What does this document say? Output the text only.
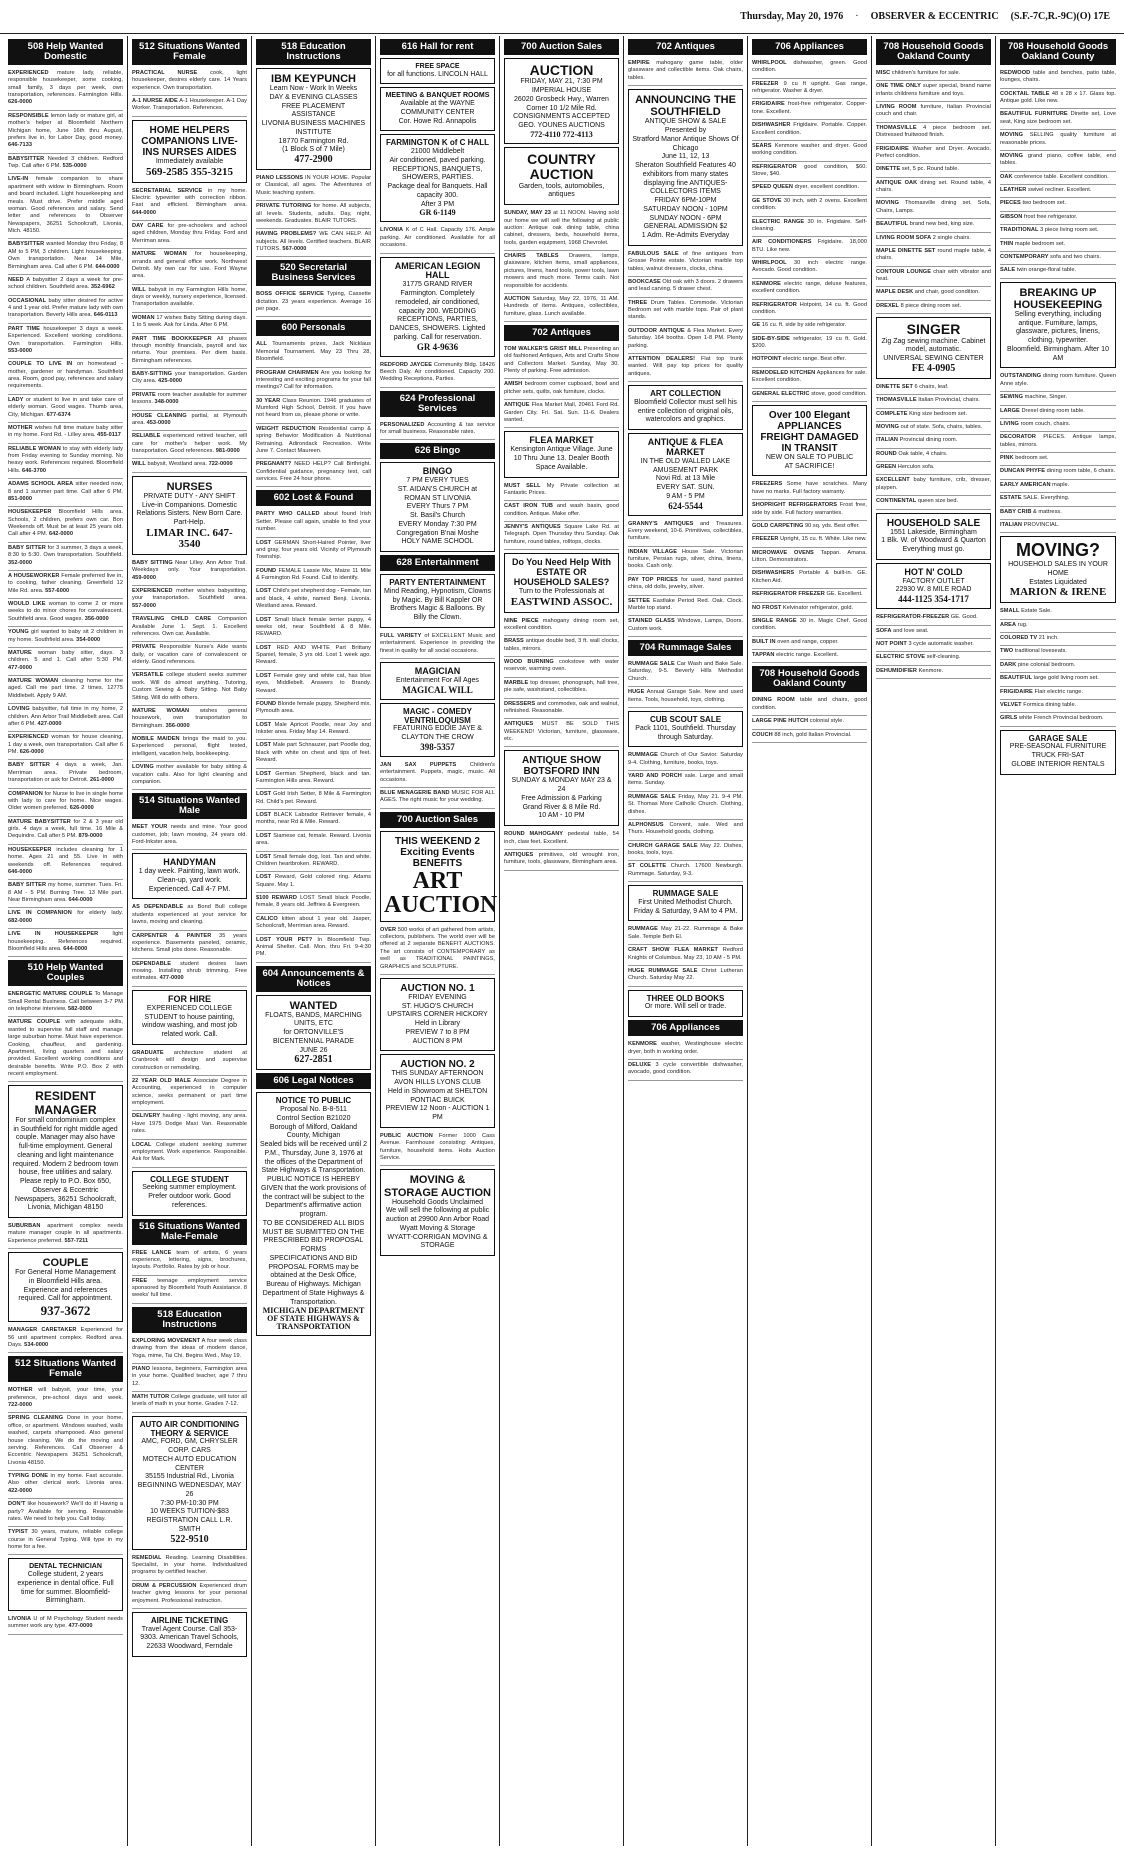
Thursday, May 20, 1976 · OBSERVER & ECCENTRIC (S.F.-7C,R.-9C)(O) 17E
508 Help Wanted Domestic
EXPERIENCED mature lady, reliable, responsible housekeeper, some cooking, small family, 3 days per week, own transportation, references. Farmington Hills. 626-0000
RESPONSIBLE lemon lady or mature girl, at mother's helper at Bloomfield Northern Michigan home, June 16th thru August, prefers live in, for Labor Day, good money. 646-7133
BABYSITTER Needed 3 children. Redford Twp. Call after 6 PM. 535-0000
LIVE-IN female companion to share apartment with widow in Birmingham. Room and board included. Light housekeeping and meals. Must drive. Prefer middle aged woman. Good references and salary. Send letter and references to Observer Newspapers, 36251 Schoolcraft, Livonia, Mich. 48150.
BABYSITTER wanted Monday thru Friday, 8 AM to 5 PM, 3 children. Light housekeeping. Own transportation. Near 14 Mile, Birmingham area. Call after 6 PM. 644-0000
NEED A babysitter 2 days a week for pre-school children. Southfield area. 352-6962
OCCASIONAL baby sitter desired for active 4 and 1 year old. Prefer mature lady with own transportation. Beverly Hills area. 646-0113
PART TIME housekeeper 3 days a week. Experienced. Excellent working conditions. Own transportation. Farmington Hills. 553-0000
COUPLE TO LIVE IN on homestead - mother, gardener or handyman. Southfield area. Room, good pay, references and salary requirements.
LADY or student to live in and take care of elderly woman. Good wages. Thumb area, City, Michigan. 677-6374
MOTHER wishes full time mature baby sitter in my home. Ford Rd. - Lilley area. 455-0117
RELIABLE WOMAN to stay with elderly lady from Friday evening to Sunday morning. No heavy work. References required. Bloomfield Hills. 646-3700
ADAMS SCHOOL AREA sitter needed now, 8 and 1 summer part time. Call after 6 PM. 851-0000
HOUSEKEEPER Bloomfield Hills area. Schools, 2 children, prefers own car. Bon Weekends off. Must be at least 25 years old. Call after 4 PM. 642-0000
BABY SITTER for 3 summer, 3 days a week, 8:30 to 5:30. Own transportation. Southfield. 352-0000
A HOUSEWORKER Female preferred live in, to cooking, father cleaning. Greenfield 12 Mile Rd. area. 557-6000
WOULD LIKE woman to come 2 or more weeks to do minor chores for convalescent. Southfield area. Good wages. 356-0000
YOUNG girl wanted to baby sit 2 children in my home. Southfield area. 354-0000
MATURE woman baby sitter, days. 3 children. 5 and 1. Call after 5:30 PM. 477-0000
MATURE WOMAN cleaning home for the aged. Call me part time. 2 times. 12775 Middlebelt. Apply 9 AM.
LOVING babysitter, full time in my home, 2 children. Ann Arbor Trail Middlebelt area. Call after 6 PM. 427-0000
EXPERIENCED woman for house cleaning, 1 day a week, own transportation. Call after 6 PM. 626-0000
BABY SITTER 4 days a week, Jan. Merriman area. Private bedroom, transportation or ask for Detroit. 261-0000
COMPANION for Nurse to live in single home with lady to care for home. Nice wages. Older women preferred. 626-0000
MATURE BABYSITTER for 2 & 3 year old girls. 4 days a week, full time. 16 Mile & Dequindre. Call after 5 PM. 879-0000
HOUSEKEEPER includes cleaning for 1 home. Ages 21 and 55. Live in with weekends off. References required. 646-0000
BABY SITTER my home, summer. Tues. Fri. 8 AM - 5 PM. Burning Tree. 13 Mile part. Near Birmingham area. 644-0000
LIVE IN COMPANION for elderly lady. 682-0000
LIVE IN HOUSEKEEPER	light housekeeping. References required. Bloomfield Hills area. 644-0000
510 Help Wanted Couples
ENERGETIC MATURE COUPLE To Manage Small Rental Business. Call between 3-7 PM on telephone interview. 582-0000
MATURE COUPLE with adequate skills, wanted to supervise full staff and manage large suburban home. Must have experience. Cooking, chauffeur, and gardening. Apartment, living quarters and salary provided. Excellent working conditions and desirable benefits. Write P.O. Box 2 with recent employment.
RESIDENT MANAGER
For small condominium complex in Southfield for right middle aged couple. Manager may also have full-time employment. General cleaning and light maintenance required. Modern 2 bedroom town house, free utilities and salary. Please reply to P.O. Box 650, Observer & Eccentric Newspapers, 36251 Schoolcraft, Livonia, Michigan 48150
SUBURBAN apartment complex needs mature manager couple in all apartments. Experience preferred. 557-7211
COUPLE
For General Home Management in Bloomfield Hills area. Experience and references required. Call for appointment.
937-3672
MANAGER CARETAKER Experienced for 56 unit apartment complex. Redford area. Days. 534-0000
512 Situations Wanted Female
MOTHER will babysit, your time, your preference, pre-school days and week. 722-0000
SPRING CLEANING Done in your home, office, or apartment. Windows washed, walls washed, carpets shampooed. Also general house cleaning. We do the moving and serving. References. Call Observer & Eccentric Newspapers 36251 Schoolcraft, Livonia 48150.
TYPING DONE in my home. Fast accurate. Also other clerical work. Livonia area. 422-0000
DON'T like housework? We'll do it! Having a party? Available for serving. Reasonable rates. We need to help you. Call today.
TYPIST 30 years, mature, reliable college course in General Typing. Will type in my home for a fee.
DENTAL TECHNICIAN
College student, 2 years experience in dental office. Full time for summer. Bloomfield-Birmingham.
LIVONIA U of M Psychology Student needs summer work any type. 477-0000
512 Situations Wanted Female
PRACTICAL NURSE cook, light housekeeper, desires elderly care. 14 Years experience. Own transportation.
A-1 NURSE AIDE A-1 Housekeeper. A-1 Day Worker. Transportation. References.
HOME HELPERS COMPANIONS LIVE-INS NURSES AIDES
Immediately available
569-2585 355-3215
SECRETARIAL SERVICE in my home. Electric typewriter with correction ribbon. Fast and efficient. Birmingham area. 644-0000
DAY CARE for pre-schoolers and school aged children, Monday thru Friday. Ford and Merriman area.
MATURE WOMAN for housekeeping, errands and general office work. Northwest Detroit. My own car for use. Ford Wayne area.
WILL babysit in my Farmington Hills home, days or weekly, nursery experience, licensed. Transportation available.
WOMAN 17 wishes Baby Sitting during days. 1 to 5 week. Ask for Linda. After 6 PM.
PART TIME BOOKKEEPER All phases through monthly financials, payroll and tax returns. Your premises. Per diem basis. Birmingham references.
BABY-SITTING your transportation. Garden City area. 425-0000
PRIVATE room teacher available for summer lessons. 348-0000
HOUSE CLEANING partial, at Plymouth area. 453-0000
RELIABLE experienced retired teacher, will care for mother's helper work. My transportation. Good references. 981-0000
WILL babysit, Westland area. 722-0000
NURSES
PRIVATE DUTY - ANY SHIFT
Live-in Companions. Domestic Relations Sisters. New Born Care. Part-Help.
LIMAR INC. 647-3540
BABY SITTING Near Lilley. Ann Arbor Trail. Weekdays only. Your transportation. 459-0000
EXPERIENCED mother wishes babysitting, your transportation. Southfield area. 557-0000
TRAVELING CHILD CARE Companion Available June 1. Sept. 1. Excellent references. Own car. Available.
PRIVATE Responsible Nurse's Aide wants daily, or vacation care of convalescent or elderly. Good references.
VERSATILE college student seeks summer work. Will do almost anything. Tutoring, Custom Sewing & Baby Sitting. Not Baby Sitting. Will do with others.
MATURE WOMAN wishes general housework, own transportation to Birmingham. 356-0000
MOBILE MAIDEN brings the maid to you. Experienced personal, flight tested, intelligent, vacation help, bookkeeping.
LOVING mother available for baby sitting & vacation calls. Also for light cleaning and companion.
514 Situations Wanted Male
MEET YOUR needs and mine. Your good customer, job; lawn mowing, 24 years old. Ford-Inkster area.
HANDYMAN
1 day week. Painting, lawn work. Clean-up, yard work. Experienced. Call 4-7 PM.
AS DEPENDABLE as Bond Bull college students experienced at your service for lawns, moving and cleaning.
CARPENTER & PAINTER 35 years experience. Basements paneled, ceramic, kitchens. Small jobs done. Reasonable.
DEPENDABLE student desires lawn mowing. Installing shrub trimming. Free estimates. 477-0000
FOR HIRE
EXPERIENCED COLLEGE STUDENT to house painting, window washing, and most job related work. Call.
GRADUATE architecture student at Cranbrook will design and supervise construction or remodeling.
22 YEAR OLD MALE Associate Degree in Accounting, experienced in computer science, seeks permanent or part time employment.
DELIVERY hauling - light moving, any area. Have 1975 Dodge Maxi Van. Reasonable rates.
LOCAL College student seeking summer employment. Work experience. Responsible. Ask for Mark.
COLLEGE STUDENT
Seeking summer employment. Prefer outdoor work. Good references.
516 Situations Wanted Male-Female
FREE LANCE team of artists, 6 years experience, lettering, signs, brochures, layouts. Portfolio. Rates by job or hour.
FREE teenage employment service sponsored by Bloomfield Youth Assistance. 8 weeks' full time.
518 Education Instructions
EXPLORING MOVEMENT A four week class drawing from the ideas of modern dance, Yoga, mime, Tai Chi. Begins Wed., May 19.
PIANO lessons, beginners, Farmington area in your home. Qualified teacher, age 7 thru 12.
MATH TUTOR College graduate, will tutor all levels of math in your home. Grades 7-12.
AUTO AIR CONDITIONING THEORY & SERVICE
AMC, FORD, GM, CHRYSLER CORP. CARS
MOTECH AUTO EDUCATION CENTER
35155 Industrial Rd., Livonia
BEGINNING WEDNESDAY, MAY 26
7:30 PM-10:30 PM
10 WEEKS TUITION-$83
REGISTRATION CALL L.R. SMITH
522-9510
REMEDIAL Reading. Learning Disabilities. Specialist, in your home. Individualized programs by certified teacher.
DRUM & PERCUSSION Experienced drum teacher giving lessons for your personal enjoyment. Professional instruction.
AIRLINE TICKETING
Travel Agent Course. Call 353-9303. American Travel Schools, 22633 Woodward, Ferndale
518 Education Instructions
IBM KEYPUNCH
Learn Now - Work In Weeks
DAY & EVENING CLASSES
FREE PLACEMENT ASSISTANCE
LIVONIA BUSINESS MACHINES INSTITUTE
18770 Farmington Rd.
(1 Block S of 7 Mile)
477-2900
PIANO LESSONS IN YOUR HOME. Popular or Classical, all ages. The Adventures of Music teaching system.
PRIVATE TUTORING for home. All subjects, all levels. Students, adults. Day, night, weekends. Graduates. BLAIR TUTORS.
HAVING PROBLEMS? WE CAN HELP. All subjects. All levels. Certified teachers. BLAIR TUTORS. 567-0000
520 Secretarial Business Services
BOSS OFFICE SERVICE Typing, Cassette dictation. 23 years experience. Average 16 per page.
600 Personals
ALL Tournaments prizes, Jack Nicklaus Memorial Tournament. May 23 Thru 28, Bloomfield.
PROGRAM CHAIRMEN Are you looking for interesting and exciting programs for your fall meetings? Call for information.
30 YEAR Class Reunion. 1946 graduates of Mumford High School, Detroit. If you have not heard from us, please phone or write.
WEIGHT REDUCTION Residential camp & spring Behavior Modification & Nutritional Retraining. Adirondack Recreation. Write June 7. Contact Maureen.
PREGNANT? NEED HELP? Call Birthright. Confidential guidance, pregnancy test, call services. Free 24 hour phone.
602 Lost & Found
PARTY WHO CALLED about found Irish Setter. Please call again, unable to find your number.
LOST GERMAN Short-Haired Pointer, liver and gray, four years old. Vicinity of Plymouth Township.
FOUND FEMALE Lassie Mix, Maize 11 Mile & Farmington Rd. Found. Call to identify.
LOST Child's pet shepherd dog - Female, tan and black, 4 white, named Benji. Livonia. Westland area. Reward.
LOST Small black female terrier puppy, 4 weeks old, near Southfield & 8 Mile. REWARD.
LOST RED AND WHITE Part Brittany Spaniel, female, 3 yrs old. Lost 1 week ago. Reward.
LOST Female grey and white cat, has blue eyes, Middlebelt. Answers to Brandy. Reward.
FOUND Blonde female puppy, Shepherd mix. Plymouth area.
LOST Male Apricot Poodle, near Joy and Inkster area. Friday May 14. Reward.
LOST Male part Schnauzer, part Poodle dog, black with white on chest and tips of feet. Reward.
LOST German Shepherd, black and tan. Farmington Hills area. Reward.
LOST Gold Irish Setter, 8 Mile & Farmington Rd. Child's pet. Reward.
LOST BLACK Labrador Retriever female, 4 months, near Rd & Mile. Reward.
LOST Siamese cat, female. Reward. Livonia area.
LOST Small female dog, lost. Tan and white. Children heartbroken. REWARD.
LOST Reward, Gold colored ring. Adams Square. May 1.
$100 REWARD LOST Small black Poodle, female, 8 years old. Jeffries & Evergreen.
CALICO kitten about 1 year old. Jasper, Schoolcraft, Merriman area. Reward.
LOST YOUR PET? In Bloomfield Twp. Animal Shelter. Call. Mon. thru Fri. 9-4:30 PM.
604 Announcements & Notices
WANTED
FLOATS, BANDS, MARCHING UNITS, ETC
for ORTONVILLE'S BICENTENNIAL PARADE
JUNE 26
627-2851
606 Legal Notices
NOTICE TO PUBLIC
Proposal No. B-8-511
Control Section B21020
Borough of Milford, Oakland County, Michigan
Sealed bids will be received until 2 P.M., Thursday, June 3, 1976 at the offices of the Department of State Highways & Transportation. PUBLIC NOTICE IS HEREBY GIVEN that the work provisions of the contract will be subject to the Department's affirmative action program.
TO BE CONSIDERED ALL BIDS MUST BE SUBMITTED ON THE PRESCRIBED BID PROPOSAL FORMS
SPECIFICATIONS AND BID PROPOSAL FORMS may be obtained at the Desk Office, Bureau of Highways. Michigan Department of State Highways & Transportation.
MICHIGAN DEPARTMENT OF STATE HIGHWAYS & TRANSPORTATION
616 Hall for rent
FREE SPACE
for all functions. LINCOLN HALL
MEETING & BANQUET ROOMS
Available at the WAYNE COMMUNITY CENTER
Cor. Howe Rd. Annapolis
FARMINGTON K of C HALL
21000 Middlebelt
Air conditioned, paved parking. RECEPTIONS, BANQUETS, SHOWERS, PARTIES.
Package deal for Banquets. Hall capacity 300.
After 3 PM
GR 6-1149
LIVONIA K of C Hall. Capacity 176. Ample parking. Air conditioned. Available for all occasions.
AMERICAN LEGION HALL
31775 GRAND RIVER
Farmington. Completely remodeled, air conditioned, capacity 200. WEDDING RECEPTIONS, PARTIES, DANCES, SHOWERS. Lighted parking. Call for reservation.
GR 4-9636
REDFORD JAYCEE Community Bldg. 18426 Beech Daly. Air conditioned. Capacity 200. Wedding Receptions, Parties.
624 Professional Services
PERSONALIZED Accounting & tax service for small business. Reasonable rates.
626 Bingo
BINGO
7 PM EVERY TUES
ST. AIDAN'S CHURCH at ROMAN ST LIVONIA
EVERY Thurs 7 PM
St. Basil's Church
EVERY Monday 7:30 PM
Congregation B'nai Moshe
HOLY NAME SCHOOL
628 Entertainment
PARTY ENTERTAINMENT
Mind Reading, Hypnotism, Clowns by Magic. By Bill Kappler OR Brothers Magic & Balloons. By Billy the Clown.
FULL VARIETY of EXCELLENT Music and entertainment. Experience in providing the finest in quality for all social occasions.
MAGICIAN
Entertainment For All Ages
MAGICAL WILL
MAGIC - COMEDY VENTRILOQUISM
FEATURING EDDIE JAYE & CLAYTON THE CROW
398-5357
JAN SAX PUPPETS Children's entertainment. Puppets, magic, music. All occasions.
BLUE MENAGERIE BAND MUSIC FOR ALL AGES. The right music for your wedding.
700 Auction Sales
THIS WEEKEND 2 Exciting Events BENEFITS
ART AUCTION
OVER 500 works of art gathered from artists, collectors, publishers. The world over will be offered at 2 separate BENEFIT AUCTIONS. The art consists of CONTEMPORARY as well as TRADITIONAL PAINTINGS, GRAPHICS and SCULPTURE.
AUCTION NO. 1
FRIDAY EVENING
ST. HUGO'S CHURCH
UPSTAIRS CORNER HICKORY
Held in Library
PREVIEW 7 to 8 PM
AUCTION 8 PM
AUCTION NO. 2
THIS SUNDAY AFTERNOON
AVON HILLS LYONS CLUB
Held in Showroom at SHELTON PONTIAC BUICK
PREVIEW 12 Noon - AUCTION 1 PM
PUBLIC AUCTION Former 1000 Cass Avenue. Farmhouse consisting: Antiques, furniture, household items. Holts Auction Service.
MOVING & STORAGE AUCTION
Household Goods Unclaimed
We will sell the following at public auction at 29900 Ann Arbor Road
Wyatt Moving & Storage
WYATT-CORRIGAN MOVING & STORAGE
700 Auction Sales
AUCTION
FRIDAY, MAY 21, 7:30 PM
IMPERIAL HOUSE
26020 Grosbeck Hwy., Warren
Corner 10 1/2 Mile Rd.
CONSIGNMENTS ACCEPTED
GEO. YOUNES AUCTIONS
772-4110 772-4113
COUNTRY AUCTION
Garden, tools, automobiles, antiques
SUNDAY, MAY 23 at 11 NOON. Having sold our home we will sell the following at public auction: Antique oak dining table, china cabinet, dressers, beds, household items, tools, garden equipment, 1968 Chevrolet.
CHAIRS TABLES Drawers, lamps, glassware, kitchen items, small appliances, pictures, linens, hand tools, power tools, lawn mowers and much more. Terms cash. Not responsible for accidents.
AUCTION Saturday, May 22, 1976, 11 AM. Hundreds of items. Antiques, collectibles, furniture, glass. Lunch available.
702 Antiques
TOM WALKER'S GRIST MILL Presenting an old fashioned Antiques, Arts and Crafts Show and Collectors Market. Sunday, May 30. Plenty of parking. Free admission.
AMISH bedroom corner cupboard, bowl and pitcher sets, quilts, oak furniture, clocks.
ANTIQUE Flea Market Mall, 20461 Ford Rd. Garden City. Fri. Sat. Sun. 11-6. Dealers wanted.
FLEA MARKET
Kensington Antique Village. June 10 Thru June 13. Dealer Booth Space Available.
MUST SELL My Private collection at Fantastic Prices.
CAST IRON TUB and wash basin, good condition. Antique. Make offer.
JENNY'S ANTIQUES Square Lake Rd. at Telegraph. Open Thursday thru Sunday. Oak furniture, round tables, rolltops, clocks.
Do You Need Help With ESTATE OR HOUSEHOLD SALES?
Turn to the Professionals at
EASTWIND ASSOC.
NINE PIECE mahogany dining room set, excellent condition.
BRASS antique double bed, 3 ft. wall clocks, tables, mirrors.
WOOD BURNING cookstove with water reservoir, warming oven.
MARBLE top dresser, phonograph, hall tree, pie safe, washstand, collectibles.
DRESSERS and commodes, oak and walnut, refinished. Reasonable.
ANTIQUES MUST BE SOLD THIS WEEKEND! Victorian, furniture, glassware, etc.
ANTIQUE SHOW BOTSFORD INN
SUNDAY & MONDAY MAY 23 & 24
Free Admission & Parking
Grand River & 8 Mile Rd.
10 AM - 10 PM
ROUND MAHOGANY pedestal table, 54 inch, claw feet. Excellent.
ANTIQUES primitives, old wrought iron, furniture, tools, glassware, Birmingham area.
702 Antiques
EMPIRE mahogany game table, older glassware and collectible items. Oak chairs, tables.
ANNOUNCING THE SOUTHFIELD
ANTIQUE SHOW & SALE
Presented by
Stratford Manor Antique Shows Of Chicago
June 11, 12, 13
Sheraton Southfield Features 40 exhibitors from many states displaying fine ANTIQUES-COLLECTORS ITEMS
FRIDAY 6PM-10PM
SATURDAY NOON - 10PM
SUNDAY NOON - 6PM
GENERAL ADMISSION $2
1 Adm. Re-Admits Everyday
FABULOUS SALE of fine antiques from Grosse Pointe estate. Victorian marble top tables, walnut dressers, clocks, china.
BOOKCASE Old oak with 3 doors. 2 drawers and lead carving. 5 drawer chest.
THREE Drum Tables. Commode. Victorian Bedroom set with marble tops. Pair of plant stands.
OUTDOOR ANTIQUE & Flea Market. Every Saturday. 164 booths. Open 1-8 PM. Plenty parking.
ATTENTION DEALERS! Flat top trunk wanted. Will pay top prices for quality antiques.
ART COLLECTION
Bloomfield Collector must sell his entire collection of original oils, watercolors and graphics.
ANTIQUE & FLEA MARKET
IN THE OLD WALLED LAKE AMUSEMENT PARK
Novi Rd. at 13 Mile
EVERY SAT. SUN.
9 AM - 5 PM
624-5544
GRANNY'S ANTIQUES and Treasures. Every weekend, 10-6. Primitives, collectibles, furniture.
INDIAN VILLAGE House Sale. Victorian furniture, Persian rugs, silver, china, linens, books. Cash only.
PAY TOP PRICES for used, hand painted china, old dolls, jewelry, silver.
SETTEE Eastlake Period Red. Oak. Clock. Marble top stand.
STAINED GLASS Windows, Lamps, Doors. Custom work.
704 Rummage Sales
RUMMAGE SALE Car Wash and Bake Sale. Saturday, 9-5. Beverly Hills Methodist Church.
HUGE Annual Garage Sale. New and used items. Tools, household, toys, clothing.
CUB SCOUT SALE
Pack 1101, Southfield. Thursday through Saturday.
RUMMAGE Church of Our Savior. Saturday 9-4. Clothing, furniture, books, toys.
YARD AND PORCH sale. Large and small items. Sunday.
RUMMAGE SALE Friday, May 21. 9-4 PM. St. Thomas More Catholic Church. Clothing, dishes.
ALPHONSUS Convent, sale. Wed and Thurs. Household goods, clothing.
CHURCH GARAGE SALE May 22. Dishes, books, tools, toys.
ST COLETTE Church. 17600 Newburgh. Rummage. Saturday, 9-3.
RUMMAGE SALE
First United Methodist Church. Friday & Saturday, 9 AM to 4 PM.
RUMMAGE May 21-22. Rummage & Bake Sale. Temple Beth El.
CRAFT SHOW FLEA MARKET Redford Knights of Columbus. May 23, 10 AM - 5 PM.
HUGE RUMMAGE SALE Christ Lutheran Church. Saturday May 22.
THREE OLD BOOKS
Or more. Will sell or trade.
706 Appliances
KENMORE washer, Westinghouse electric dryer, both in working order.
DELUXE 3 cycle convertible dishwasher, avocado, good condition.
706 Appliances
WHIRLPOOL dishwasher, green. Good condition.
FREEZER 9 cu ft upright. Gas range, refrigerator. Washer & dryer.
FRIGIDAIRE frost-free refrigerator. Copper-tone. Excellent.
DISHWASHER Frigidaire. Portable. Copper. Excellent condition.
SEARS Kenmore washer and dryer. Good working condition.
REFRIGERATOR good condition, $60. Stove, $40.
SPEED QUEEN dryer, excellent condition.
GE STOVE 30 inch, with 2 ovens. Excellent condition.
ELECTRIC RANGE 30 in. Frigidaire. Self-cleaning.
AIR CONDITIONERS Frigidaire. 18,000 BTU. Like new.
WHIRLPOOL 30 inch electric range. Avocado. Good condition.
KENMORE electric range, deluxe features, excellent condition.
REFRIGERATOR Hotpoint, 14 cu. ft. Good condition.
GE 16 cu. ft. side by side refrigerator.
SIDE-BY-SIDE refrigerator, 19 cu ft. Gold. $200.
HOTPOINT electric range. Best offer.
REMODELED KITCHEN Appliances for sale. Excellent condition.
GENERAL ELECTRIC stove, good condition.
Over 100 Elegant APPLIANCES FREIGHT DAMAGED IN TRANSIT
NEW ON SALE TO PUBLIC
AT SACRIFICE!
FREEZERS Some have scratches. Many have no marks. Full factory warranty.
SHOPRIGHT REFRIGERATORS Frost free, side by side. Full factory warranties.
GOLD CARPETING 90 sq. yds. Best offer.
FREEZER Upright, 15 cu. ft. White. Like new.
MICROWAVE OVENS Tappan. Amana. Litton. Demonstrators.
DISHWASHERS Portable & built-in. GE. Kitchen Aid.
REFRIGERATOR FREEZER GE. Excellent.
NO FROST Kelvinator refrigerator, gold.
SINGLE RANGE 30 in. Magic Chef. Good condition.
BUILT IN oven and range, copper.
TAPPAN electric range. Excellent.
708 Household Goods Oakland County
DINING ROOM table and chairs, good condition.
LARGE PINE HUTCH colonial style.
COUCH 88 inch, gold Italian Provincial.
708 Household Goods Oakland County
MISC children's furniture for sale.
ONE TIME ONLY super special, brand name infants childrens furniture and toys.
LIVING ROOM furniture, Italian Provincial couch and chair.
THOMASVILLE 4 piece bedroom set. Distressed fruitwood finish.
FRIGIDAIRE Washer and Dryer. Avocado. Perfect condition.
DINETTE set, 5 pc. Round table.
ANTIQUE OAK dining set. Round table, 4 chairs.
MOVING Thomasville dining set. Sofa, Chairs, Lamps.
BEAUTIFUL brand new bed, king size.
LIVING ROOM SOFA 2 single chairs.
MAPLE DINETTE SET round maple table, 4 chairs.
CONTOUR LOUNGE chair with vibrator and heat.
MAPLE DESK and chair, good condition.
DREXEL 8 piece dining room set.
SINGER
Zig Zag sewing machine. Cabinet model, automatic.
UNIVERSAL SEWING CENTER
FE 4-0905
DINETTE SET 6 chairs, leaf.
THOMASVILLE Italian Provincial, chairs.
COMPLETE King size bedroom set.
MOVING out of state. Sofa, chairs, tables.
ITALIAN Provincial dining room.
ROUND Oak table, 4 chairs.
GREEN Herculon sofa.
EXCELLENT baby furniture, crib, dresser, playpen.
CONTINENTAL queen size bed.
HOUSEHOLD SALE
1551 Lakeside, Birmingham
1 Blk. W. of Woodward & Quarton
Everything must go.
HOT N' COLD
FACTORY OUTLET
22930 W. 8 MILE ROAD
444-1125 354-1717
REFRIGERATOR-FREEZER GE. Good.
SOFA and love seat.
NOT POINT 3 cycle automatic washer.
ELECTRIC STOVE self-cleaning.
DEHUMIDIFIER Kenmore.
708 Household Goods Oakland County
REDWOOD table and benches, patio table, lounges, chairs.
COCKTAIL TABLE 48 x 28 x 17. Glass top. Antique gold. Like new.
BEAUTIFUL FURNITURE Dinette set, Love seat, King size bedroom set.
MOVING SELLING quality furniture at reasonable prices.
MOVING grand piano, coffee table, end tables.
OAK conference table. Excellent condition.
LEATHER swivel recliner. Excellent.
PIECES two bedroom set.
GIBSON frost free refrigerator.
TRADITIONAL 3 piece living room set.
THIN maple bedroom set.
CONTEMPORARY sofa and two chairs.
SALE twin orange-floral table.
BREAKING UP HOUSEKEEPING
Selling everything, including antique. Furniture, lamps, glassware, pictures, linens, clothing, typewriter.
Bloomfield. Birmingham. After 10 AM
OUTSTANDING dining room furniture. Queen Anne style.
SEWING machine, Singer.
LARGE Drexel dining room table.
LIVING room couch, chairs.
DECORATOR PIECES. Antique lamps, tables, mirrors.
PINK bedroom set.
DUNCAN PHYFE dining room table, 6 chairs.
EARLY AMERICAN maple.
ESTATE SALE. Everything.
BABY CRIB & mattress.
ITALIAN PROVINCIAL.
MOVING?
HOUSEHOLD SALES IN YOUR HOME
Estates Liquidated
MARION & IRENE
SMALL Estate Sale.
AREA rug.
COLORED TV 21 inch.
TWO traditional loveseats.
DARK pine colonial bedroom.
BEAUTIFUL large gold living room set.
FRIGIDAIRE Flair electric range.
VELVET Formica dining table.
GIRLS white French Provincial bedroom.
GARAGE SALE
PRE-SEASONAL FURNITURE TRUCK FRI-SAT
GLOBE INTERIOR RENTALS
